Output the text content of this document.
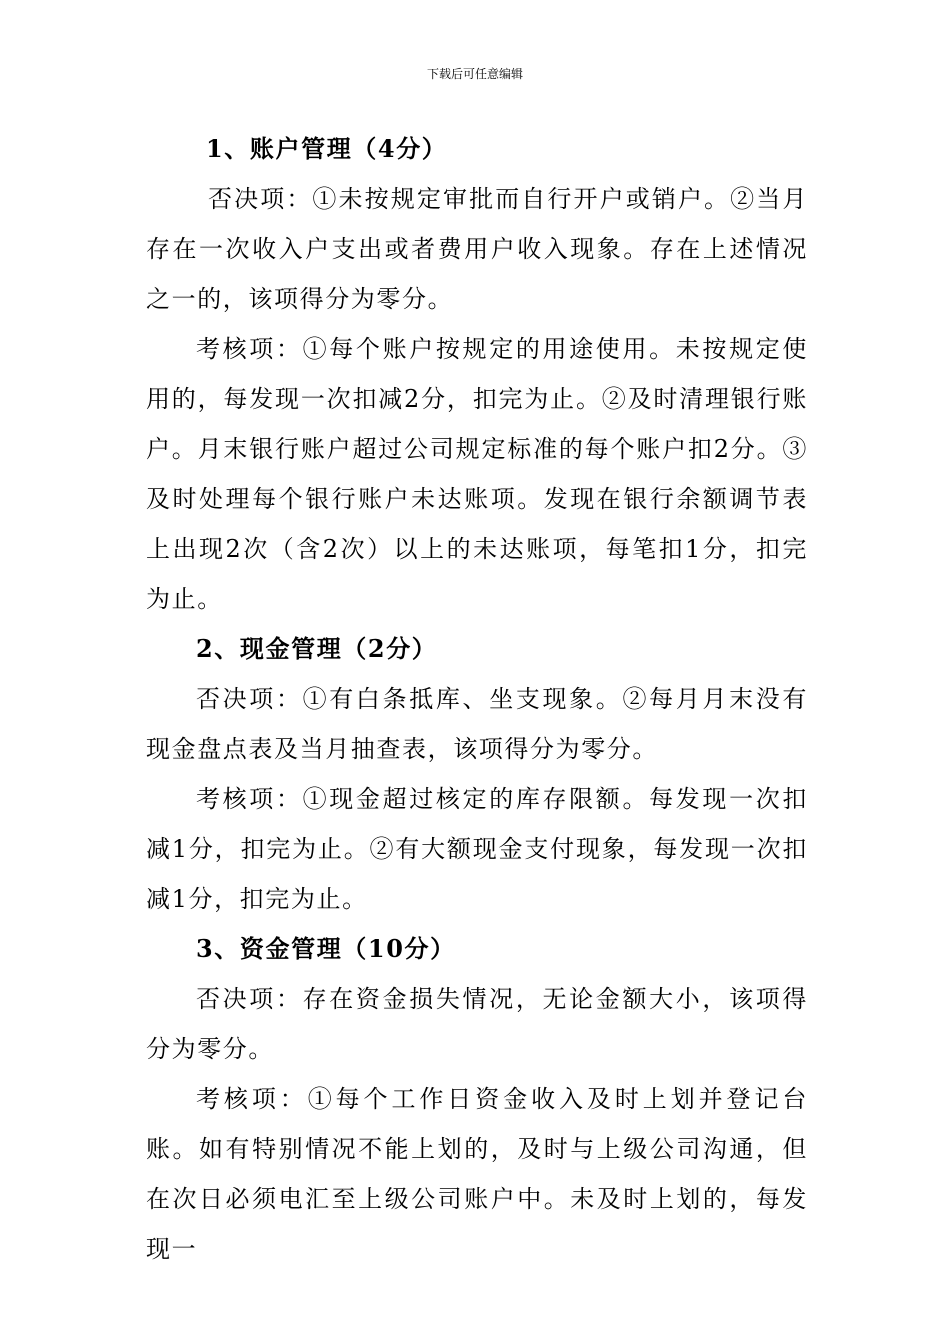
下载后可任意编辑
1、账户管理（4分）

否决项：①未按规定审批而自行开户或销户。②当月存在一次收入户支出或者费用户收入现象。存在上述情况之一的，该项得分为零分。

考核项：①每个账户按规定的用途使用。未按规定使用的，每发现一次扣减2分，扣完为止。②及时清理银行账户。月末银行账户超过公司规定标准的每个账户扣2分。③及时处理每个银行账户未达账项。发现在银行余额调节表上出现2次（含2次）以上的未达账项，每笔扣1分，扣完为止。

2、现金管理（2分）

否决项：①有白条抵库、坐支现象。②每月月末没有现金盘点表及当月抽查表，该项得分为零分。

考核项：①现金超过核定的库存限额。每发现一次扣减1分，扣完为止。②有大额现金支付现象，每发现一次扣减1分，扣完为止。

3、资金管理（10分）

否决项：存在资金损失情况，无论金额大小，该项得分为零分。

考核项：①每个工作日资金收入及时上划并登记台账。如有特别情况不能上划的，及时与上级公司沟通，但在次日必须电汇至上级公司账户中。未及时上划的，每发现一
